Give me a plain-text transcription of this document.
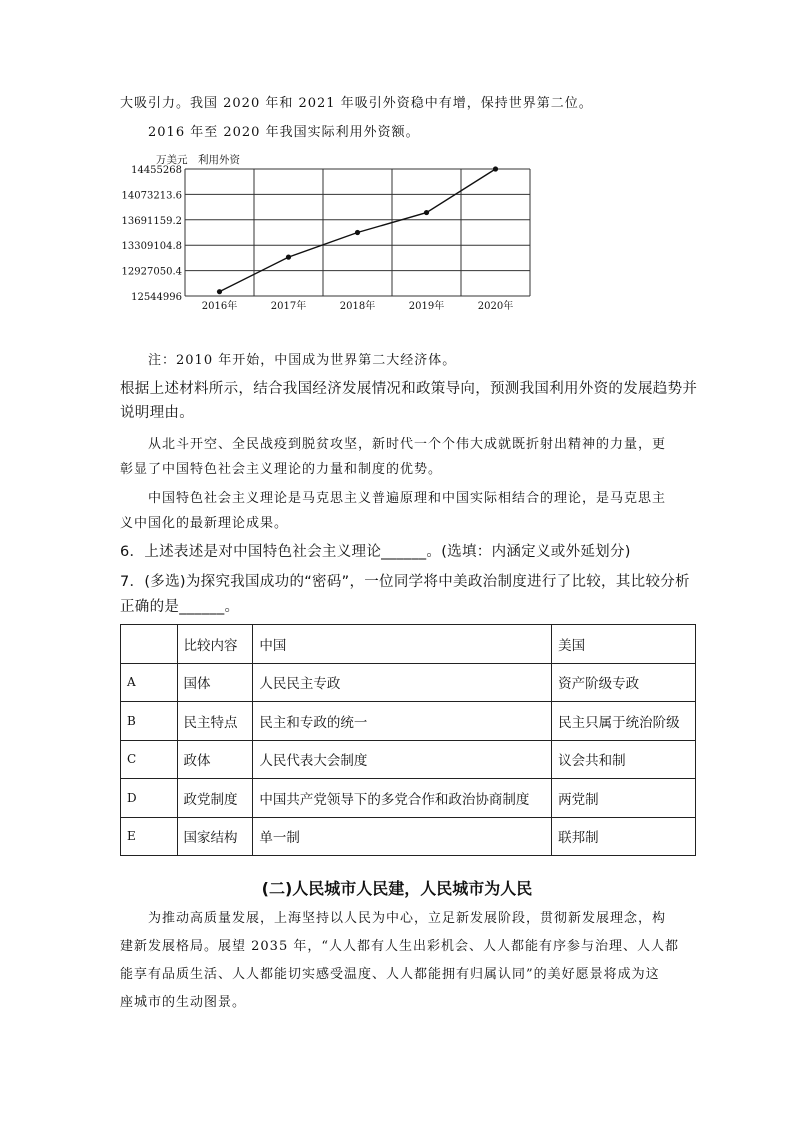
大吸引力。我国 2020 年和 2021 年吸引外资稳中有增，保持世界第二位。
2016 年至 2020 年我国实际利用外资额。
万美元 利用外资
14455268
14073213.6
13691159.2
13309104.8
12927050.4
12544996
2016年	2017年	2018年	2019年	2020年
注：2010 年开始，中国成为世界第二大经济体。
根据上述材料所示，结合我国经济发展情况和政策导向，预测我国利用外资的发展趋势并
说明理由。
从北斗开空、全民战疫到脱贫攻坚，新时代一个个伟大成就既折射出精神的力量，更
彰显了中国特色社会主义理论的力量和制度的优势。
中国特色社会主义理论是马克思主义普遍原理和中国实际相结合的理论，是马克思主
义中国化的最新理论成果。
6．上述表述是对中国特色社会主义理论______。(选填：内涵定义或外延划分)
7．(多选)为探究我国成功的“密码”，一位同学将中美政治制度进行了比较，其比较分析
正确的是______。
	比较内容	中国	美国
A	国体	人民民主专政	资产阶级专政
B	民主特点	民主和专政的统一	民主只属于统治阶级
C	政体	人民代表大会制度	议会共和制
D	政党制度	中国共产党领导下的多党合作和政治协商制度	两党制
E	国家结构	单一制	联邦制
(二)人民城市人民建，人民城市为人民
为推动高质量发展，上海坚持以人民为中心，立足新发展阶段，贯彻新发展理念，构
建新发展格局。展望 2035 年，“人人都有人生出彩机会、人人都能有序参与治理、人人都
能享有品质生活、人人都能切实感受温度、人人都能拥有归属认同”的美好愿景将成为这
座城市的生动图景。
